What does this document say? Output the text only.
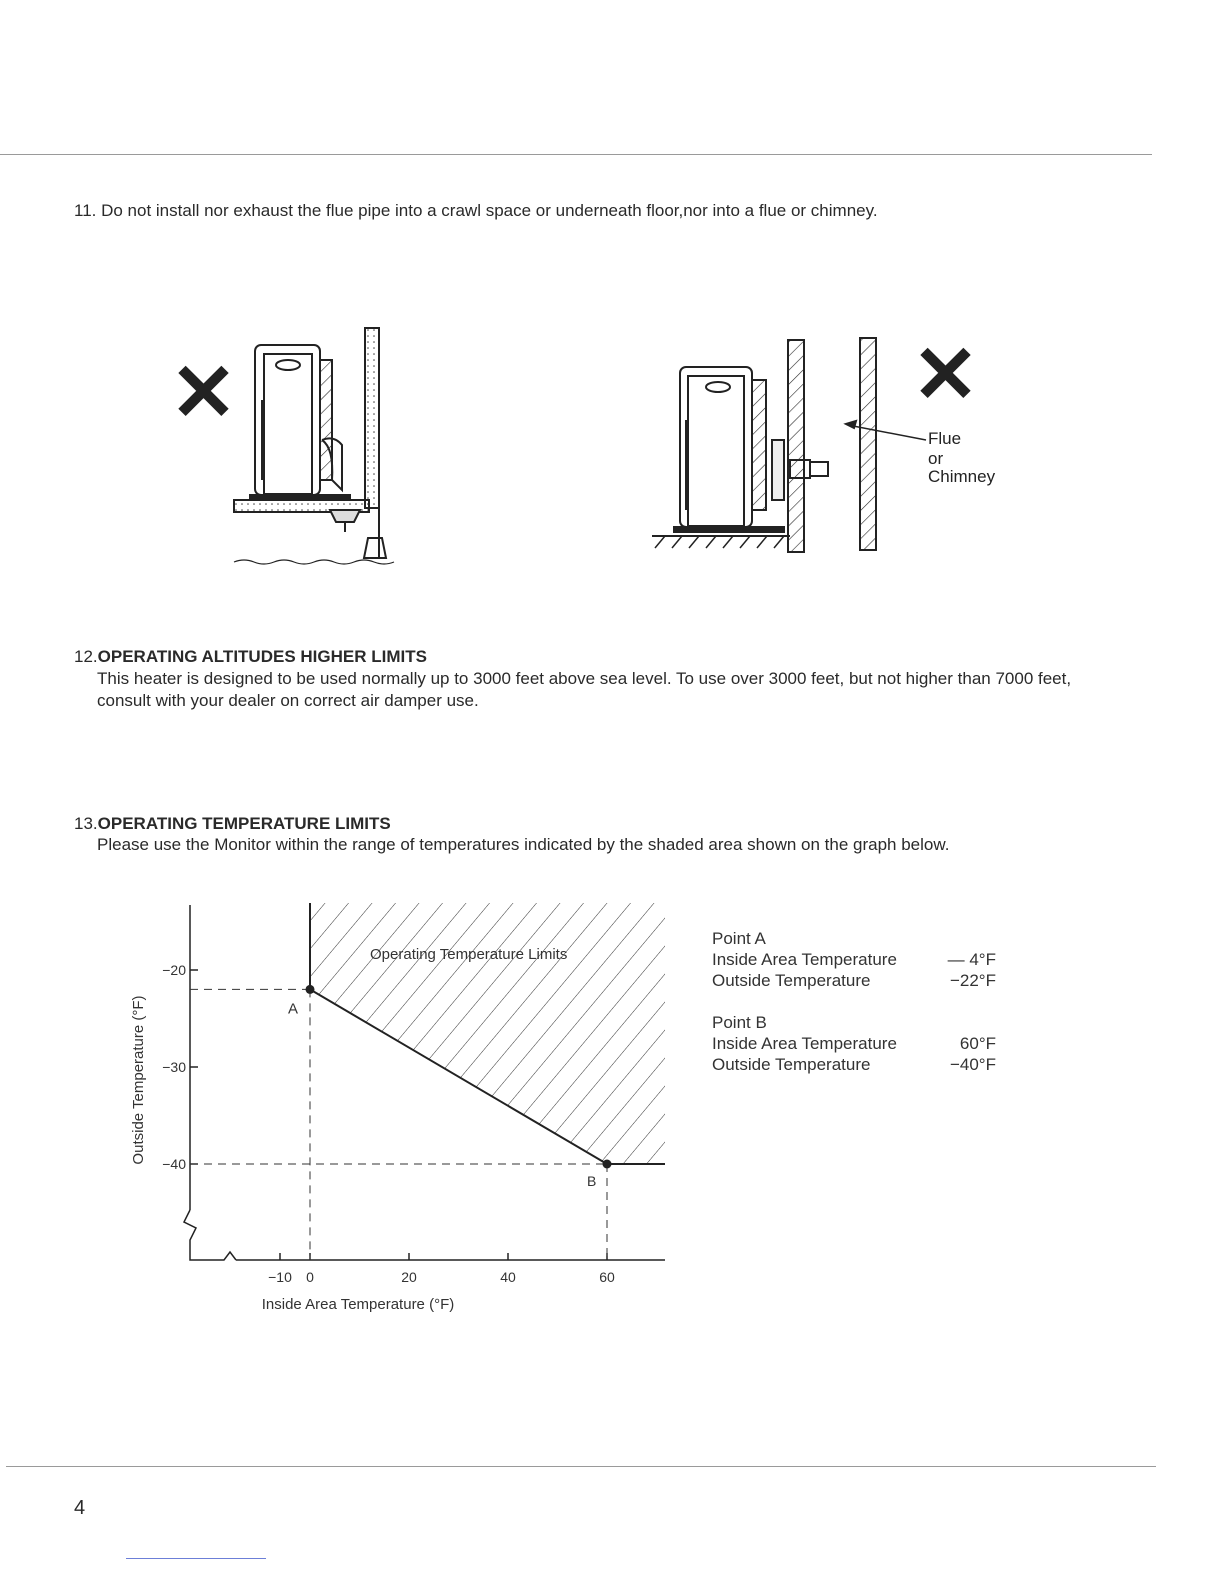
11. Do not install nor exhaust the flue pipe into a crawl space or underneath floor,nor into a flue or chimney.
✕	✕
Flue
or
Chimney
12.OPERATING ALTITUDES HIGHER LIMITS
This heater is designed to be used normally up to 3000 feet above sea level. To use over 3000 feet, but not higher than 7000 feet, consult with your dealer on correct air damper use.
13.OPERATING TEMPERATURE LIMITS
Please use the Monitor within the range of temperatures indicated by the shaded area shown on the graph below.
−20
−30
−40
−10 0	20	40	60
A
B
Operating Temperature Limits
Inside Area Temperature (°F)
Outside Temperature (°F)
Point A
Inside Area Temperature	— 4°F
Outside Temperature	−22°F
Point B
Inside Area Temperature	60°F
Outside Temperature	−40°F
4
